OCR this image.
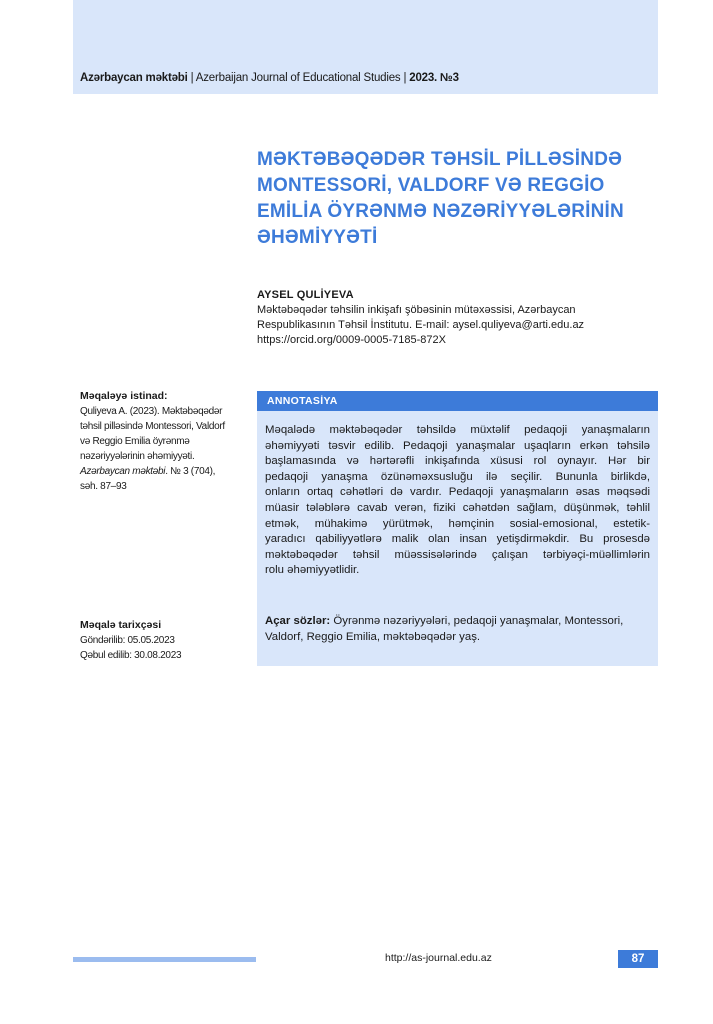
Azərbaycan məktəbi | Azerbaijan Journal of Educational Studies | 2023. №3
MƏKTƏBƏQƏDƏR TƏHSİL PİLLƏSİNDƏ
MONTESSORİ, VALDORF VƏ REGGİO
EMİLİA ÖYRƏNMƏ NƏZƏRİYYƏLƏRİNİN
ƏHƏMİYYƏTİ
AYSEL QULİYEVA
Məktəbəqədər təhsilin inkişafı şöbəsinin mütəxəssisi, Azərbaycan
Respublikasının Təhsil İnstitutu. E-mail: aysel.quliyeva@arti.edu.az
https://orcid.org/0009-0005-7185-872X
Məqaləyə istinad:
Quliyeva A. (2023). Məktəbəqədər
təhsil pilləsində Montessori, Valdorf
və Reggio Emilia öyrənmə
nəzəriyyələrinin əhəmiyyəti.
Azərbaycan məktəbi. № 3 (704),
səh. 87–93
Məqalə tarixçəsi
Göndərilib: 05.05.2023
Qəbul edilib: 30.08.2023
ANNOTASİYA
Məqalədə məktəbəqədər təhsildə müxtəlif pedaqoji yanaşmaların
əhəmiyyəti təsvir edilib. Pedaqoji yanaşmalar uşaqların erkən təhsilə
başlamasında və hərtərəfli inkişafında xüsusi rol oynayır. Hər bir
pedaqoji yanaşma özünəməxsusluğu ilə seçilir. Bununla birlikdə,
onların ortaq cəhətləri də vardır. Pedaqoji yanaşmaların əsas məqsədi
müasir tələblərə cavab verən, fiziki cəhətdən sağlam, düşünmək, təhlil
etmək, mühakimə yürütmək, həmçinin sosial-emosional, estetik-
yaradıcı qabiliyyətlərə malik olan insan yetişdirməkdir. Bu prosesdə
məktəbəqədər təhsil müəssisələrində çalışan tərbiyəçi-müəllimlərin
rolu əhəmiyyətlidir.
Açar sözlər: Öyrənmə nəzəriyyələri, pedaqoji yanaşmalar, Montessori,
Valdorf, Reggio Emilia, məktəbəqədər yaş.
http://as-journal.edu.az	87
